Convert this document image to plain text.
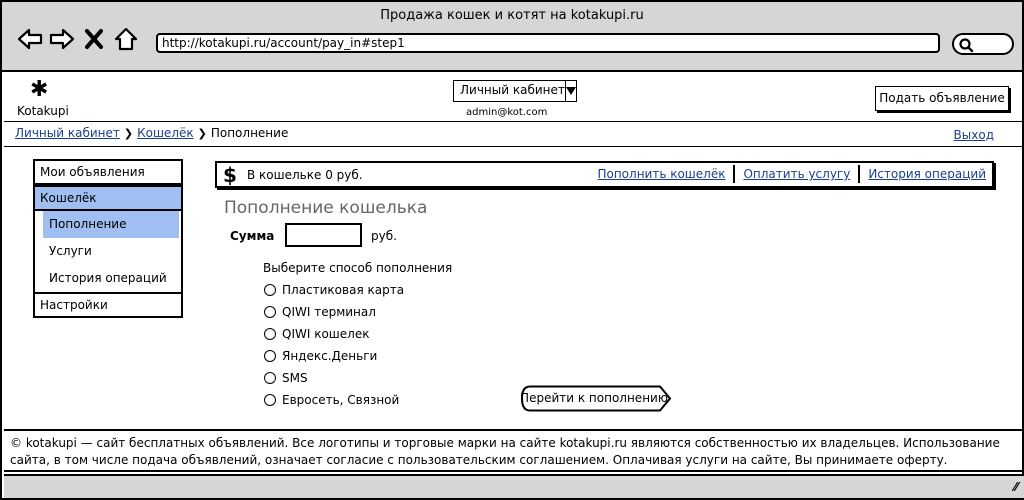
Продажа кошек и котят на kotakupi.ru
http://kotakupi.ru/account/pay_in#step1
✱
Kotakupi
Личный кабинет
admin@kot.com
Подать объявление
Личный кабинет ❯ Кошелёк ❯ Пополнение	Выход
Мои объявления
Кошелёк
Пополнение
Услуги
История операций
Настройки
$ В кошельке 0 руб.	Пополнить кошелёк Оплатить услугу История операций
Пополнение кошелька
Сумма	руб.
Выберите способ пополнения
Пластиковая карта
QIWI терминал
QIWI кошелек
Яндекс.Деньги
SMS
Евросеть, Связной	Перейти к пополнению
© kotakupi — сайт бесплатных объявлений. Все логотипы и торговые марки на сайте kotakupi.ru являются собственностью их владельцев. Использование сайта, в том числе подача объявлений, означает согласие с пользовательским соглашением. Оплачивая услуги на сайте, Вы принимаете оферту.
⁄⁄
